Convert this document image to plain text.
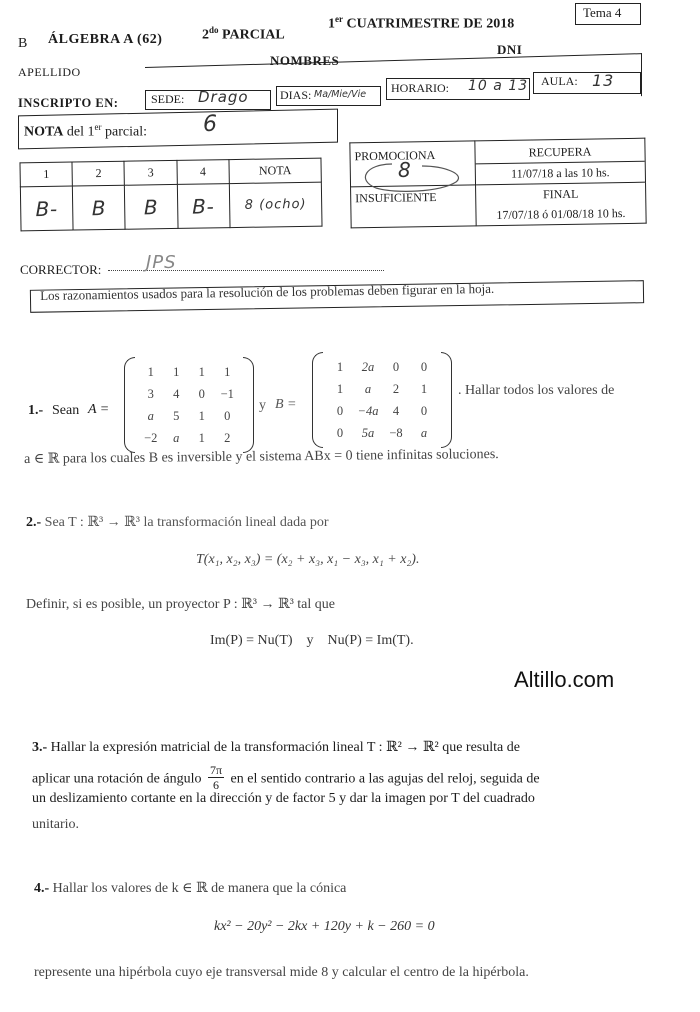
B ÁLGEBRA A (62)	$2^{do}$ PARCIAL
1er CUATRIMESTRE DE 2018
Tema 4
APELLIDO
NOMBRES
DNI
INSCRIPTO EN:	SEDE: Drago	DIAS: Ma/Mie/Vie HORARIO: 10 a 13 AULA: 13
NOTA del 1er parcial:	6
1	2	3	4	NOTA
B-	B	B	B-	8 (ocho)
PROMOCIONA	RECUPERA
11/07/18 a las 10 hs.

INSUFICIENTE	FINAL
17/07/18 ó 01/08/18 10 hs.
8
CORRECTOR: JPS
Los razonamientos usados para la resolución de los problemas deben figurar en la hoja.
1.- Sean A =
1 1 1 1
3 4 0 −1
a 5 1 0
−2 a 1 2
y B =
1 2a 0 0
1 a 2 1
0 −4a 4 0
0 5a −8 a
. Hallar todos los valores de
a ∈ ℝ para los cuales B es inversible y el sistema ABx = 0 tiene infinitas soluciones.
2.- Sea T : ℝ³ → ℝ³ la transformación lineal dada por
T(x₁, x₂, x₃) = (x₂ + x₃, x₁ − x₃, x₁ + x₂).
Definir, si es posible, un proyector P : ℝ³ → ℝ³ tal que
Im(P) = Nu(T)    y    Nu(P) = Im(T).
Altillo.com
3.- Hallar la expresión matricial de la transformación lineal T : ℝ² → ℝ² que resulta de
aplicar una rotación de ángulo $\frac{7\pi}{6}$ en el sentido contrario a las agujas del reloj, seguida de
un deslizamiento cortante en la dirección y de factor 5 y dar la imagen por T del cuadrado
unitario.
4.- Hallar los valores de k ∈ ℝ de manera que la cónica
kx² − 20y² − 2kx + 120y + k − 260 = 0
represente una hipérbola cuyo eje transversal mide 8 y calcular el centro de la hipérbola.
